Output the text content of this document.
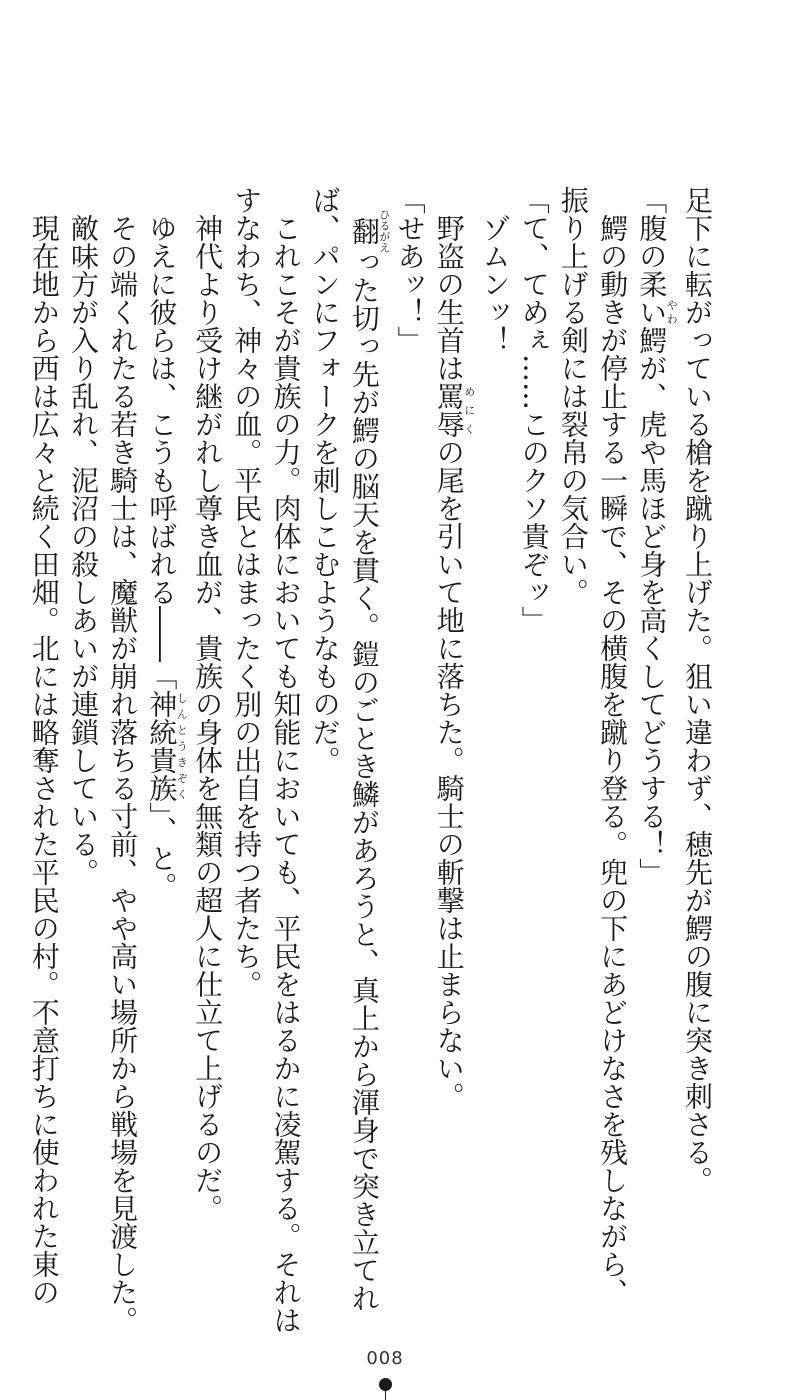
足下に転がっている槍を蹴り上げた。狙い違わず、穂先が鰐の腹に突き刺さる。

「腹の柔いやわ鰐が、虎や馬ほど身を高くしてどうする！」

　鰐の動きが停止する一瞬で、その横腹を蹴り登る。兜の下にあどけなさを残しながら、

振り上げる剣には裂帛の気合い。

「て、てめぇ……このクソ貴ぞッ」

　ゾムンッ！

　野盗の生首は罵辱めにくの尾を引いて地に落ちた。騎士の斬撃は止まらない。

「せあッ！」

　翻ひるがえった切っ先が鰐の脳天を貫く。鎧のごとき鱗があろうと、真上から渾身で突き立てれ

ば、パンにフォークを刺しこむようなものだ。

　これこそが貴族の力。肉体においても知能においても、平民をはるかに凌駕する。それは

すなわち、神々の血。平民とはまったく別の出自を持つ者たち。

　神代より受け継がれし尊き血が、貴族の身体を無類の超人に仕立て上げるのだ。

　ゆえに彼らは、こうも呼ばれる――「神統貴族しんとうきぞく」、と。

　その端くれたる若き騎士は、魔獣が崩れ落ちる寸前、やや高い場所から戦場を見渡した。

　敵味方が入り乱れ、泥沼の殺しあいが連鎖している。

　現在地から西は広々と続く田畑。北には略奪された平民の村。不意打ちに使われた東の

008
